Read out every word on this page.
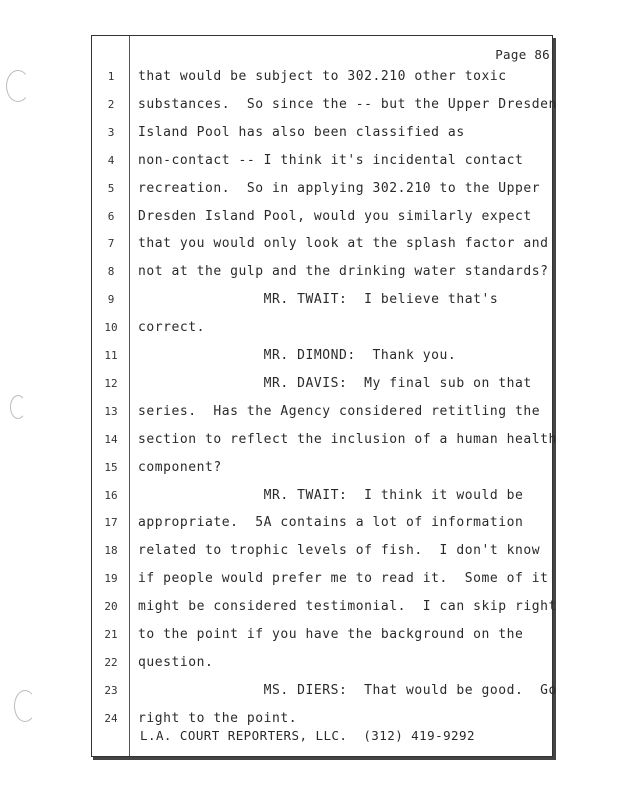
Page 86
1	that would be subject to 302.210 other toxic
2	substances.  So since the -- but the Upper Dresden
3	Island Pool has also been classified as
4	non-contact -- I think it's incidental contact
5	recreation.  So in applying 302.210 to the Upper
6	Dresden Island Pool, would you similarly expect
7	that you would only look at the splash factor and
8	not at the gulp and the drinking water standards?
9	MR. TWAIT:  I believe that's
10	correct.
11	MR. DIMOND:  Thank you.
12	MR. DAVIS:  My final sub on that
13	series.  Has the Agency considered retitling the
14	section to reflect the inclusion of a human health
15	component?
16	MR. TWAIT:  I think it would be
17	appropriate.  5A contains a lot of information
18	related to trophic levels of fish.  I don't know
19	if people would prefer me to read it.  Some of it
20	might be considered testimonial.  I can skip right
21	to the point if you have the background on the
22	question.
23	MS. DIERS:  That would be good.  Go
24	right to the point.
L.A. COURT REPORTERS, LLC.  (312) 419-9292
